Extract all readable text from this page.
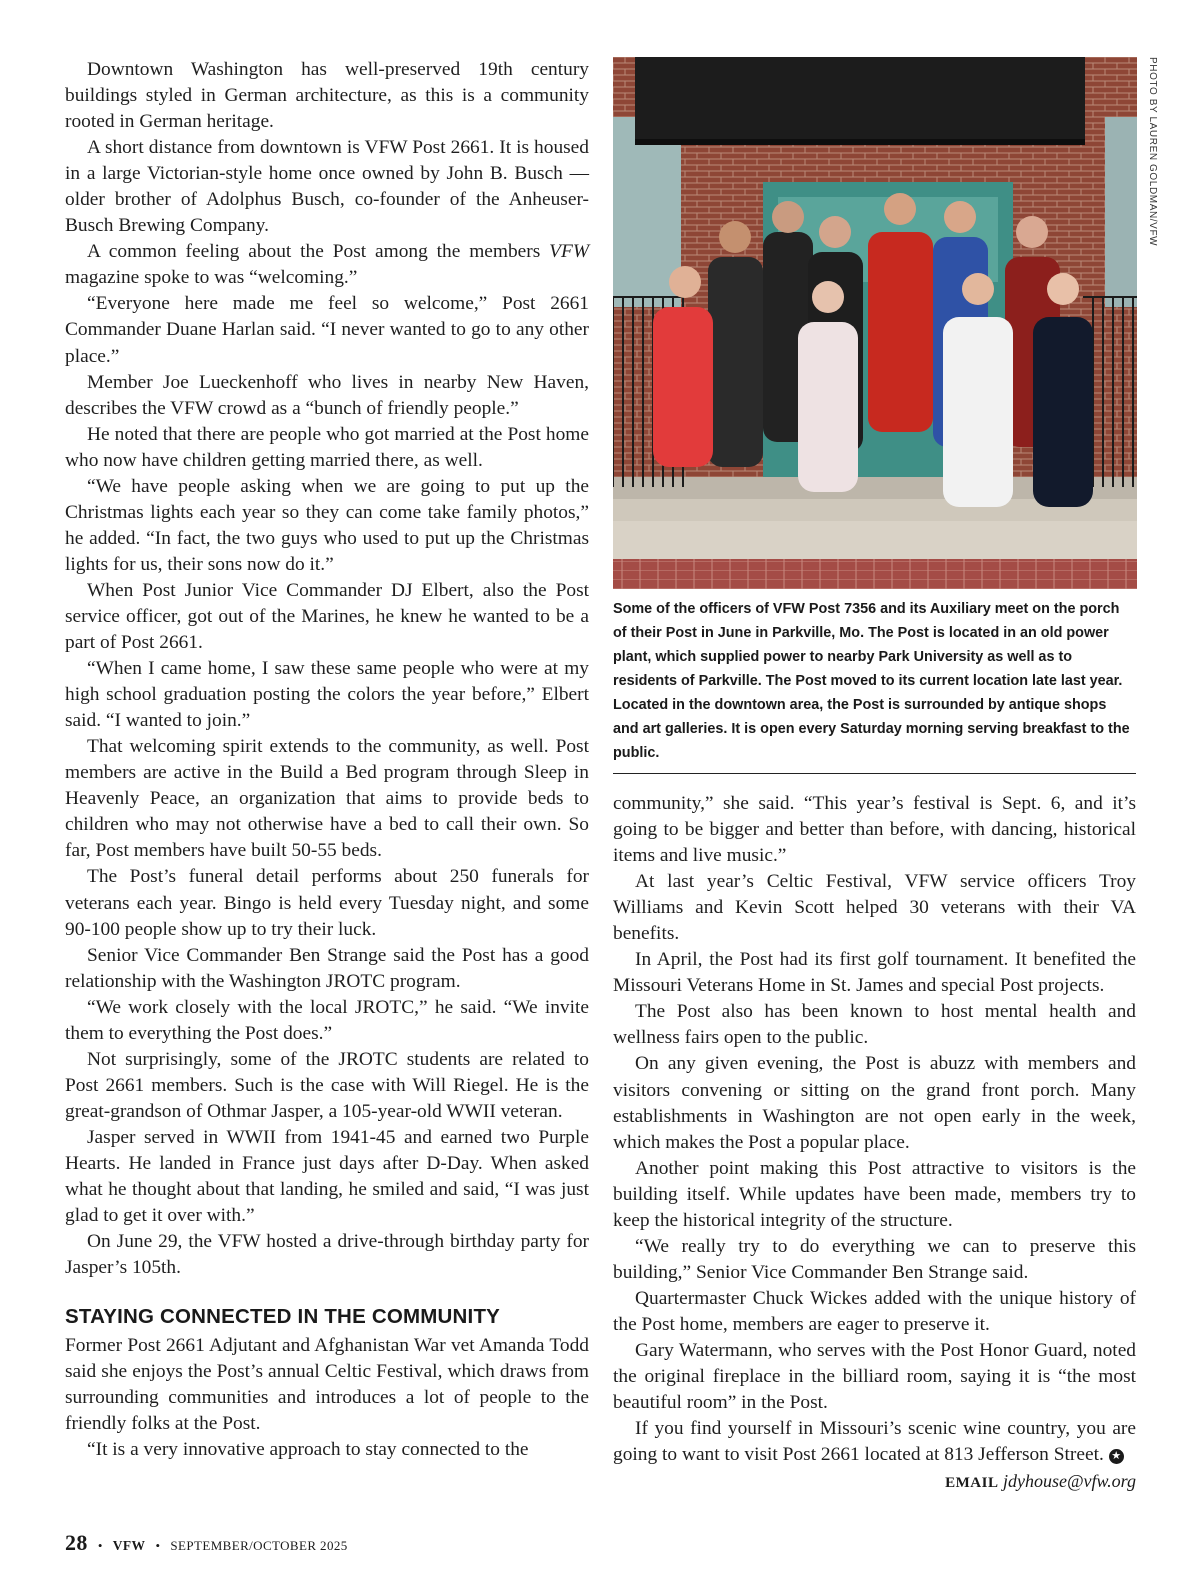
Downtown Washington has well-preserved 19th century buildings styled in German architecture, as this is a community rooted in German heritage.

A short distance from downtown is VFW Post 2661. It is housed in a large Victorian-style home once owned by John B. Busch — older brother of Adolphus Busch, co-founder of the Anheuser-Busch Brewing Company.

A common feeling about the Post among the members VFW magazine spoke to was “welcoming.”

“Everyone here made me feel so welcome,” Post 2661 Commander Duane Harlan said. “I never wanted to go to any other place.”

Member Joe Lueckenhoff who lives in nearby New Haven, describes the VFW crowd as a “bunch of friendly people.”

He noted that there are people who got married at the Post home who now have children getting married there, as well.

“We have people asking when we are going to put up the Christmas lights each year so they can come take family photos,” he added. “In fact, the two guys who used to put up the Christmas lights for us, their sons now do it.”

When Post Junior Vice Commander DJ Elbert, also the Post service officer, got out of the Marines, he knew he wanted to be a part of Post 2661.

“When I came home, I saw these same people who were at my high school graduation posting the colors the year before,” Elbert said. “I wanted to join.”

That welcoming spirit extends to the community, as well. Post members are active in the Build a Bed program through Sleep in Heavenly Peace, an organization that aims to provide beds to children who may not otherwise have a bed to call their own. So far, Post members have built 50-55 beds.

The Post’s funeral detail performs about 250 funerals for veterans each year. Bingo is held every Tuesday night, and some 90-100 people show up to try their luck.

Senior Vice Commander Ben Strange said the Post has a good relationship with the Washington JROTC program.

“We work closely with the local JROTC,” he said. “We invite them to everything the Post does.”

Not surprisingly, some of the JROTC students are related to Post 2661 members. Such is the case with Will Riegel. He is the great-grandson of Othmar Jasper, a 105-year-old WWII veteran.

Jasper served in WWII from 1941-45 and earned two Purple Hearts. He landed in France just days after D-Day. When asked what he thought about that landing, he smiled and said, “I was just glad to get it over with.”

On June 29, the VFW hosted a drive-through birthday party for Jasper’s 105th.

STAYING CONNECTED IN THE COMMUNITY

Former Post 2661 Adjutant and Afghanistan War vet Amanda Todd said she enjoys the Post’s annual Celtic Festival, which draws from surrounding communities and introduces a lot of people to the friendly folks at the Post.

“It is a very innovative approach to stay connected to the

PHOTO BY LAUREN GOLDMAN/VFW
Some of the officers of VFW Post 7356 and its Auxiliary meet on the porch of their Post in June in Parkville, Mo. The Post is located in an old power plant, which supplied power to nearby Park University as well as to residents of Parkville. The Post moved to its current location late last year. Located in the downtown area, the Post is surrounded by antique shops and art galleries. It is open every Saturday morning serving breakfast to the public.

community,” she said. “This year’s festival is Sept. 6, and it’s going to be bigger and better than before, with dancing, historical items and live music.”

At last year’s Celtic Festival, VFW service officers Troy Williams and Kevin Scott helped 30 veterans with their VA benefits.

In April, the Post had its first golf tournament. It benefited the Missouri Veterans Home in St. James and special Post projects.

The Post also has been known to host mental health and wellness fairs open to the public.

On any given evening, the Post is abuzz with members and visitors convening or sitting on the grand front porch. Many establishments in Washington are not open early in the week, which makes the Post a popular place.

Another point making this Post attractive to visitors is the building itself. While updates have been made, members try to keep the historical integrity of the structure.

“We really try to do everything we can to preserve this building,” Senior Vice Commander Ben Strange said.

Quartermaster Chuck Wickes added with the unique history of the Post home, members are eager to preserve it.

Gary Watermann, who serves with the Post Honor Guard, noted the original fireplace in the billiard room, saying it is “the most beautiful room” in the Post.

If you find yourself in Missouri’s scenic wine country, you are going to want to visit Post 2661 located at 813 Jefferson Street. ★

EMAIL jdyhouse@vfw.org
28 • VFW • SEPTEMBER/OCTOBER 2025
